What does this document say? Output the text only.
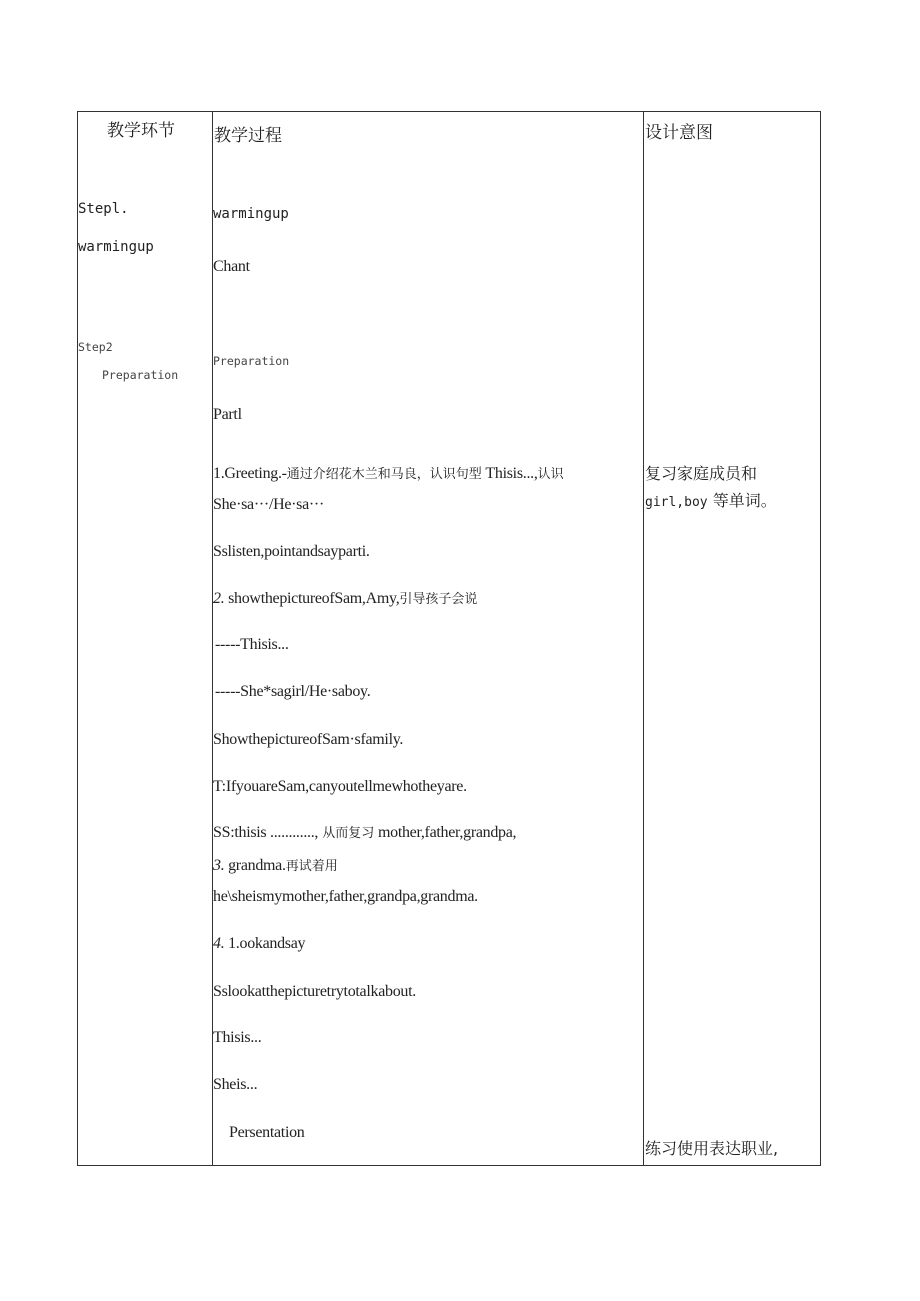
教学环节 教学过程	设计意图
Stepl.
warmingup
Step2
Preparation
warmingup
Chant
Preparation
Partl
1.Greeting.-通过介绍花木兰和马良，认识句型 Thisis...,认识
She·sa···/He·sa···
Sslisten,pointandsayparti.
2. showthepictureofSam,Amy,引导孩子会说
-----Thisis...
-----She*sagirl/He·saboy.
ShowthepictureofSam·sfamily.
T:IfyouareSam,canyoutellmewhotheyare.
SS:thisis ............, 从而复习 mother,father,grandpa,
3. grandma.再试着用
he\sheismymother,father,grandpa,grandma.
4. 1.ookandsay
Sslookatthepicturetrytotalkabout.
Thisis...
Sheis...
Persentation
复习家庭成员和
girl,boy 等单词。
练习使用表达职业,
